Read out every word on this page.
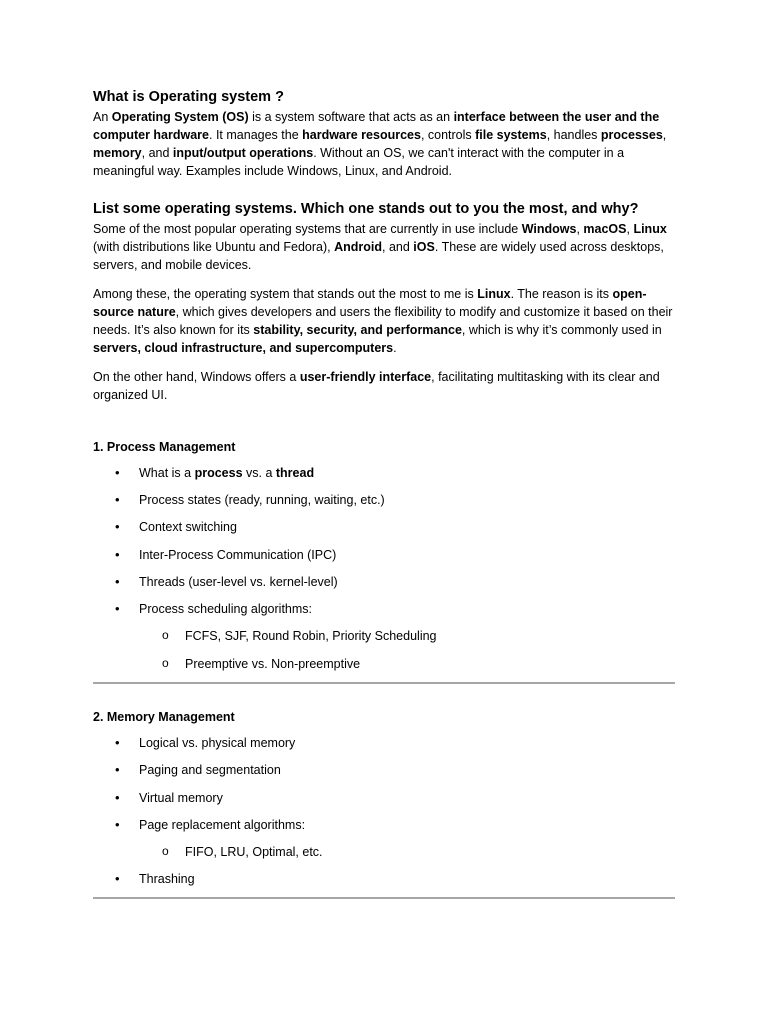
What is Operating system ?

An Operating System (OS) is a system software that acts as an interface between the user and the computer hardware. It manages the hardware resources, controls file systems, handles processes, memory, and input/output operations. Without an OS, we can't interact with the computer in a meaningful way. Examples include Windows, Linux, and Android.

List some operating systems. Which one stands out to you the most, and why?

Some of the most popular operating systems that are currently in use include Windows, macOS, Linux (with distributions like Ubuntu and Fedora), Android, and iOS. These are widely used across desktops, servers, and mobile devices.

Among these, the operating system that stands out the most to me is Linux. The reason is its open-source nature, which gives developers and users the flexibility to modify and customize it based on their needs. It’s also known for its stability, security, and performance, which is why it’s commonly used in servers, cloud infrastructure, and supercomputers.

On the other hand, Windows offers a user-friendly interface, facilitating multitasking with its clear and organized UI.

1. Process Management
• What is a process vs. a thread
• Process states (ready, running, waiting, etc.)
• Context switching
• Inter-Process Communication (IPC)
• Threads (user-level vs. kernel-level)
• Process scheduling algorithms:
o FCFS, SJF, Round Robin, Priority Scheduling
o Preemptive vs. Non-preemptive
2. Memory Management
• Logical vs. physical memory
• Paging and segmentation
• Virtual memory
• Page replacement algorithms:
o FIFO, LRU, Optimal, etc.
• Thrashing
